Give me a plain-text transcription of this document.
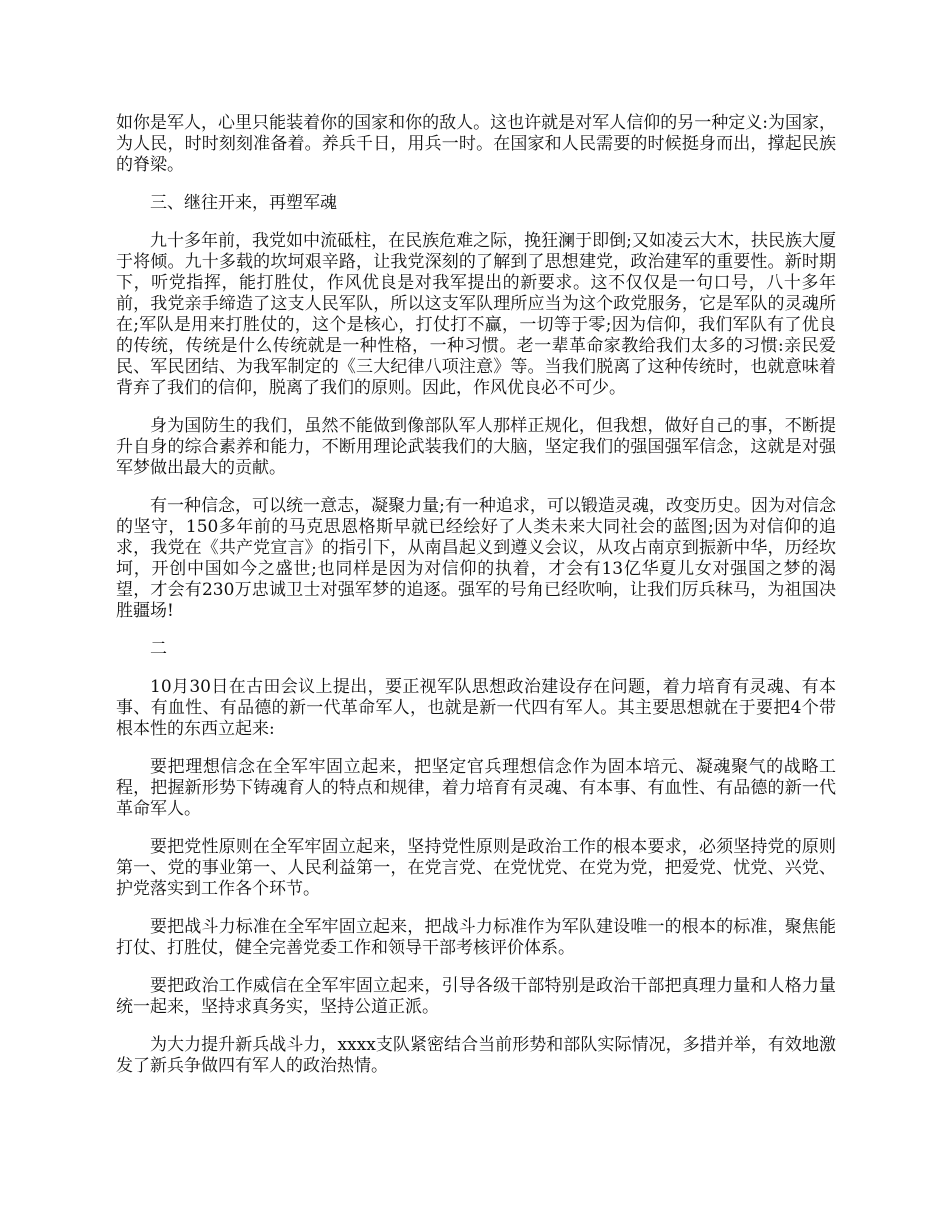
如你是军人，心里只能装着你的国家和你的敌人。这也许就是对军人信仰的另一种定义:为国家，为人民，时时刻刻准备着。养兵千日，用兵一时。在国家和人民需要的时候挺身而出，撑起民族的脊梁。

三、继往开来，再塑军魂

九十多年前，我党如中流砥柱，在民族危难之际，挽狂澜于即倒;又如凌云大木，扶民族大厦于将倾。九十多载的坎坷艰辛路，让我党深刻的了解到了思想建党，政治建军的重要性。新时期下，听党指挥，能打胜仗，作风优良是对我军提出的新要求。这不仅仅是一句口号，八十多年前，我党亲手缔造了这支人民军队，所以这支军队理所应当为这个政党服务，它是军队的灵魂所在;军队是用来打胜仗的，这个是核心，打仗打不赢，一切等于零;因为信仰，我们军队有了优良的传统，传统是什么传统就是一种性格，一种习惯。老一辈革命家教给我们太多的习惯:亲民爱民、军民团结、为我军制定的《三大纪律八项注意》等。当我们脱离了这种传统时，也就意味着背弃了我们的信仰，脱离了我们的原则。因此，作风优良必不可少。

身为国防生的我们，虽然不能做到像部队军人那样正规化，但我想，做好自己的事，不断提升自身的综合素养和能力，不断用理论武装我们的大脑，坚定我们的强国强军信念，这就是对强军梦做出最大的贡献。

有一种信念，可以统一意志，凝聚力量;有一种追求，可以锻造灵魂，改变历史。因为对信念的坚守，150多年前的马克思恩格斯早就已经绘好了人类未来大同社会的蓝图;因为对信仰的追求，我党在《共产党宣言》的指引下，从南昌起义到遵义会议，从攻占南京到振新中华，历经坎坷，开创中国如今之盛世;也同样是因为对信仰的执着，才会有13亿华夏儿女对强国之梦的渴望，才会有230万忠诚卫士对强军梦的追逐。强军的号角已经吹响，让我们厉兵秣马，为祖国决胜疆场!

二

10月30日在古田会议上提出，要正视军队思想政治建设存在问题，着力培育有灵魂、有本事、有血性、有品德的新一代革命军人，也就是新一代四有军人。其主要思想就在于要把4个带根本性的东西立起来:

要把理想信念在全军牢固立起来，把坚定官兵理想信念作为固本培元、凝魂聚气的战略工程，把握新形势下铸魂育人的特点和规律，着力培育有灵魂、有本事、有血性、有品德的新一代革命军人。

要把党性原则在全军牢固立起来，坚持党性原则是政治工作的根本要求，必须坚持党的原则第一、党的事业第一、人民利益第一，在党言党、在党忧党、在党为党，把爱党、忧党、兴党、护党落实到工作各个环节。

要把战斗力标准在全军牢固立起来，把战斗力标准作为军队建设唯一的根本的标准，聚焦能打仗、打胜仗，健全完善党委工作和领导干部考核评价体系。

要把政治工作威信在全军牢固立起来，引导各级干部特别是政治干部把真理力量和人格力量统一起来，坚持求真务实，坚持公道正派。

为大力提升新兵战斗力，xxxx支队紧密结合当前形势和部队实际情况，多措并举，有效地激发了新兵争做四有军人的政治热情。
